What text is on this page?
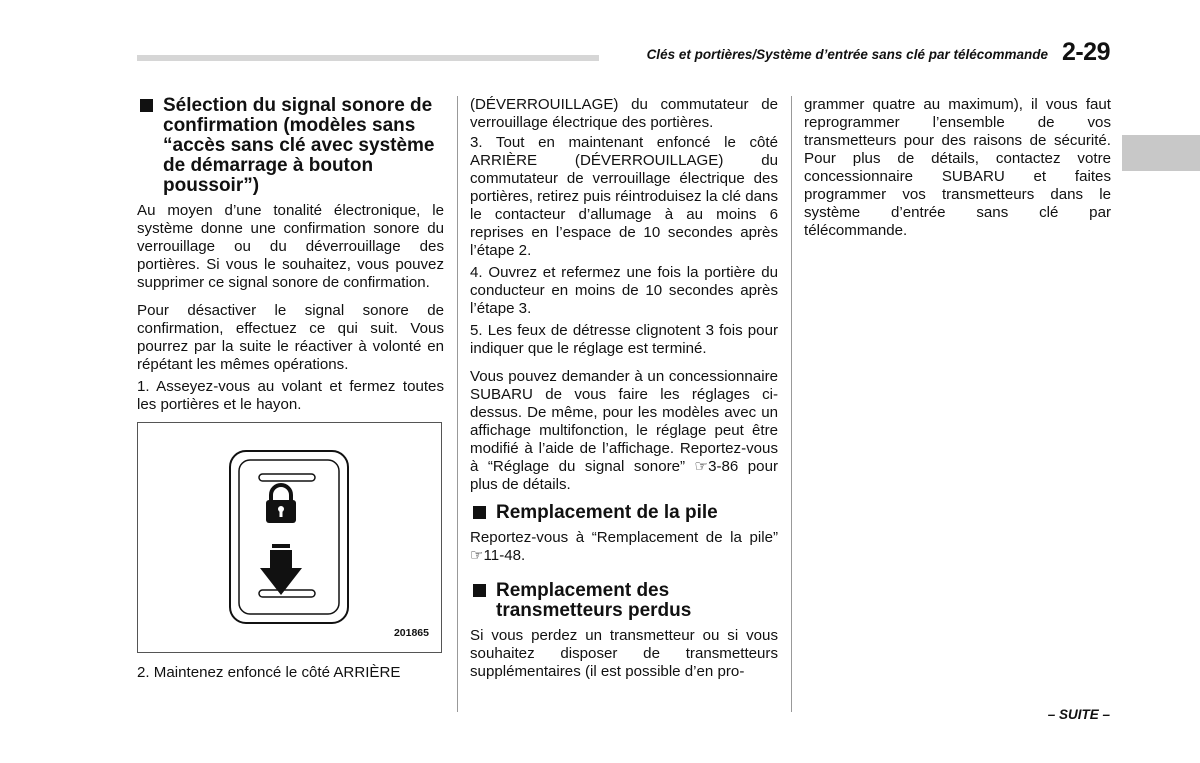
Clés et portières/Système d’entrée sans clé par télécommande 2-29
Sélection du signal sonore de confirmation (modèles sans “accès sans clé avec système de démarrage à bouton poussoir”)

Au moyen d’une tonalité électronique, le système donne une confirmation sonore du verrouillage ou du déverrouillage des portières. Si vous le souhaitez, vous pouvez supprimer ce signal sonore de confirmation.

Pour désactiver le signal sonore de confirmation, effectuez ce qui suit. Vous pourrez par la suite le réactiver à volonté en répétant les mêmes opérations.

1. Asseyez-vous au volant et fermez toutes les portières et le hayon.

201865

2. Maintenez enfoncé le côté ARRIÈRE

(DÉVERROUILLAGE) du commutateur de verrouillage électrique des portières.

3. Tout en maintenant enfoncé le côté ARRIÈRE (DÉVERROUILLAGE) du commutateur de verrouillage électrique des portières, retirez puis réintroduisez la clé dans le contacteur d’allumage à au moins 6 reprises en l’espace de 10 secondes après l’étape 2.

4. Ouvrez et refermez une fois la portière du conducteur en moins de 10 secondes après l’étape 3.

5. Les feux de détresse clignotent 3 fois pour indiquer que le réglage est terminé.

Vous pouvez demander à un concessionnaire SUBARU de vous faire les réglages ci-dessus. De même, pour les modèles avec un affichage multifonction, le réglage peut être modifié à l’aide de l’affichage. Reportez-vous à “Réglage du signal sonore” ☞3-86 pour plus de détails.

Remplacement de la pile

Reportez-vous à “Remplacement de la pile” ☞11-48.

Remplacement des transmetteurs perdus

Si vous perdez un transmetteur ou si vous souhaitez disposer de transmetteurs supplémentaires (il est possible d’en pro-

grammer quatre au maximum), il vous faut reprogrammer l’ensemble de vos transmetteurs pour des raisons de sécurité. Pour plus de détails, contactez votre concessionnaire SUBARU et faites programmer vos transmetteurs dans le système d’entrée sans clé par télécommande.

– SUITE –
